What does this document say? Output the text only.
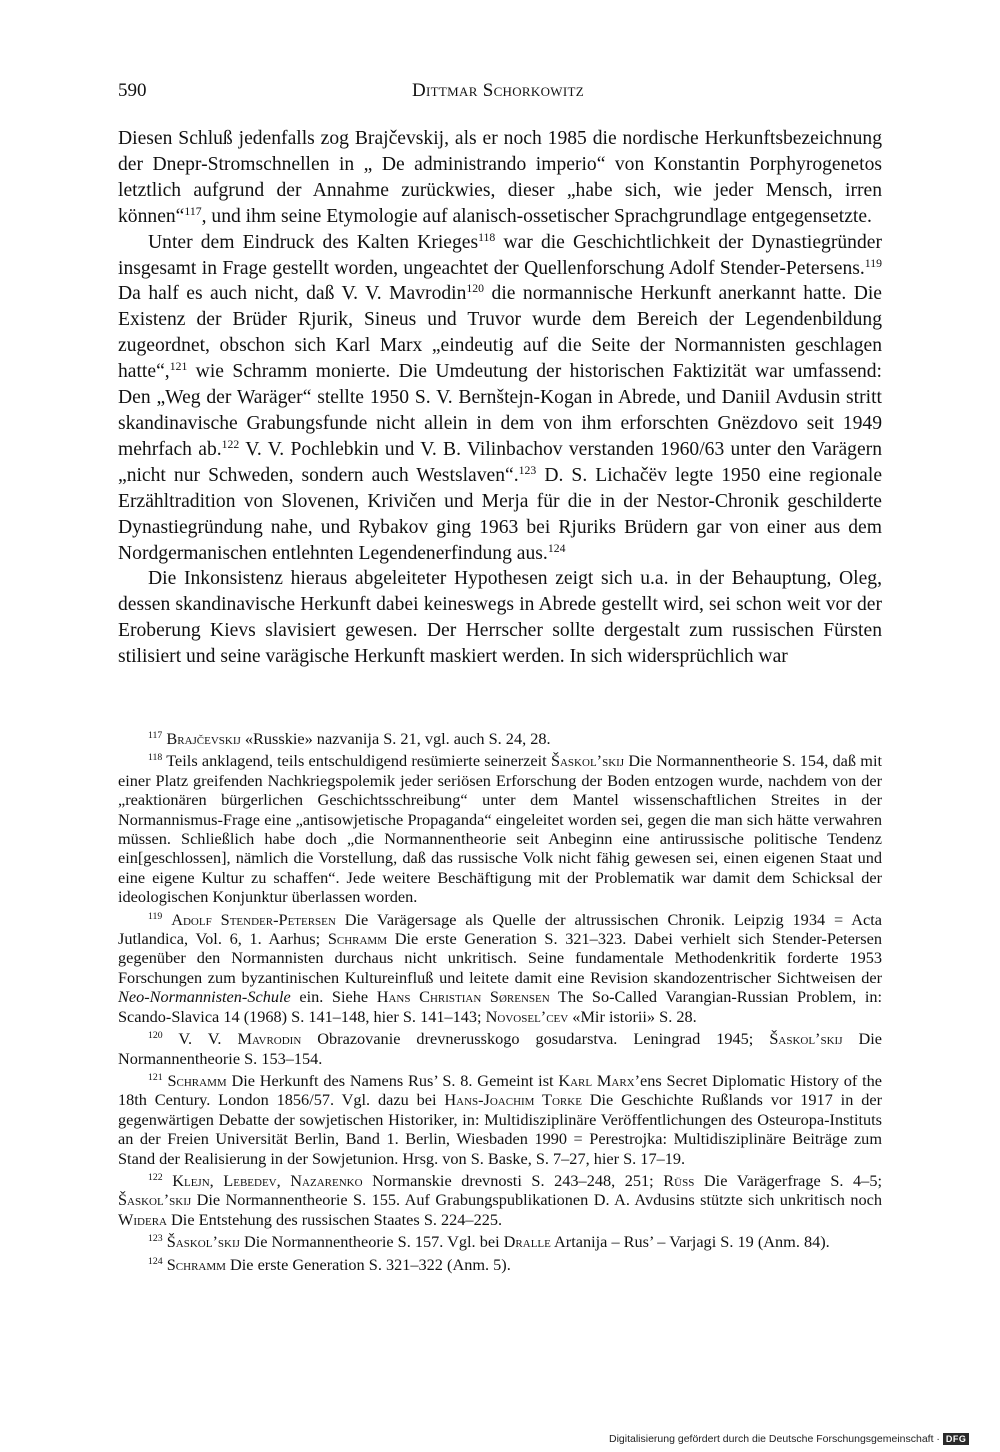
590	Dittmar Schorkowitz

Diesen Schluß jedenfalls zog Brajčevskij, als er noch 1985 die nordische Herkunftsbezeichnung der Dnepr-Stromschnellen in „ De administrando imperio“ von Konstantin Porphyrogenetos letztlich aufgrund der Annahme zurückwies, dieser „habe sich, wie jeder Mensch, irren können“$^{117}$, und ihm seine Etymologie auf alanisch-ossetischer Sprachgrundlage entgegensetzte.

Unter dem Eindruck des Kalten Krieges$^{118}$ war die Geschichtlichkeit der Dynastiegründer insgesamt in Frage gestellt worden, ungeachtet der Quellenforschung Adolf Stender-Petersens.$^{119}$ Da half es auch nicht, daß V. V. Mavrodin$^{120}$ die normannische Herkunft anerkannt hatte. Die Existenz der Brüder Rjurik, Sineus und Truvor wurde dem Bereich der Legendenbildung zugeordnet, obschon sich Karl Marx „eindeutig auf die Seite der Normannisten geschlagen hatte“,$^{121}$ wie Schramm monierte. Die Umdeutung der historischen Faktizität war umfassend: Den „Weg der Waräger“ stellte 1950 S. V. Bernštejn-Kogan in Abrede, und Daniil Avdusin stritt skandinavische Grabungsfunde nicht allein in dem von ihm erforschten Gnëzdovo seit 1949 mehrfach ab.$^{122}$ V. V. Pochlebkin und V. B. Vilinbachov verstanden 1960/63 unter den Varägern „nicht nur Schweden, sondern auch Westslaven“.$^{123}$ D. S. Lichačëv legte 1950 eine regionale Erzähltradition von Slovenen, Krivičen und Merja für die in der Nestor-Chronik geschilderte Dynastiegründung nahe, und Rybakov ging 1963 bei Rjuriks Brüdern gar von einer aus dem Nordgermanischen entlehnten Legendenerfindung aus.$^{124}$

Die Inkonsistenz hieraus abgeleiteter Hypothesen zeigt sich u.a. in der Behauptung, Oleg, dessen skandinavische Herkunft dabei keineswegs in Abrede gestellt wird, sei schon weit vor der Eroberung Kievs slavisiert gewesen. Der Herrscher sollte dergestalt zum russischen Fürsten stilisiert und seine varägische Herkunft maskiert werden. In sich widersprüchlich war

$^{117}$ Brajčevskij «Russkie» nazvanija S. 21, vgl. auch S. 24, 28.

$^{118}$ Teils anklagend, teils entschuldigend resümierte seinerzeit Šaskol’skij Die Normannentheorie S. 154, daß mit einer Platz greifenden Nachkriegspolemik jeder seriösen Erforschung der Boden entzogen wurde, nachdem von der „reaktionären bürgerlichen Geschichtsschreibung“ unter dem Mantel wissenschaftlichen Streites in der Normannismus-Frage eine „antisowjetische Propaganda“ eingeleitet worden sei, gegen die man sich hätte verwahren müssen. Schließlich habe doch „die Normannentheorie seit Anbeginn eine antirussische politische Tendenz ein[geschlossen], nämlich die Vorstellung, daß das russische Volk nicht fähig gewesen sei, einen eigenen Staat und eine eigene Kultur zu schaffen“. Jede weitere Beschäftigung mit der Problematik war damit dem Schicksal der ideologischen Konjunktur überlassen worden.

$^{119}$ Adolf Stender-Petersen Die Varägersage als Quelle der altrussischen Chronik. Leipzig 1934 = Acta Jutlandica, Vol. 6, 1. Aarhus; Schramm Die erste Generation S. 321–323. Dabei verhielt sich Stender-Petersen gegenüber den Normannisten durchaus nicht unkritisch. Seine fundamentale Methodenkritik forderte 1953 Forschungen zum byzantinischen Kultureinfluß und leitete damit eine Revision skandozentrischer Sichtweisen der Neo-Normannisten-Schule ein. Siehe Hans Christian Sørensen The So-Called Varangian-Russian Problem, in: Scando-Slavica 14 (1968) S. 141–148, hier S. 141–143; Novosel’cev «Mir istorii» S. 28.

$^{120}$ V. V. Mavrodin Obrazovanie drevnerusskogo gosudarstva. Leningrad 1945; Šaskol’skij Die Normannentheorie S. 153–154.

$^{121}$ Schramm Die Herkunft des Namens Rus’ S. 8. Gemeint ist Karl Marx’ens Secret Diplomatic History of the 18th Century. London 1856/57. Vgl. dazu bei Hans-Joachim Torke Die Geschichte Rußlands vor 1917 in der gegenwärtigen Debatte der sowjetischen Historiker, in: Multidisziplinäre Veröffentlichungen des Osteuropa-Instituts an der Freien Universität Berlin, Band 1. Berlin, Wiesbaden 1990 = Perestrojka: Multidisziplinäre Beiträge zum Stand der Realisierung in der Sowjetunion. Hrsg. von S. Baske, S. 7–27, hier S. 17–19.

$^{122}$ Klejn, Lebedev, Nazarenko Normanskie drevnosti S. 243–248, 251; Rüß Die Varägerfrage S. 4–5; Šaskol’skij Die Normannentheorie S. 155. Auf Grabungspublikationen D. A. Avdusins stützte sich unkritisch noch Widera Die Entstehung des russischen Staates S. 224–225.

$^{123}$ Šaskol’skij Die Normannentheorie S. 157. Vgl. bei Dralle Artanija – Rus’ – Varjagi S. 19 (Anm. 84).

$^{124}$ Schramm Die erste Generation S. 321–322 (Anm. 5).

Digitalisierung gefördert durch die Deutsche Forschungsgemeinschaft · DFG
